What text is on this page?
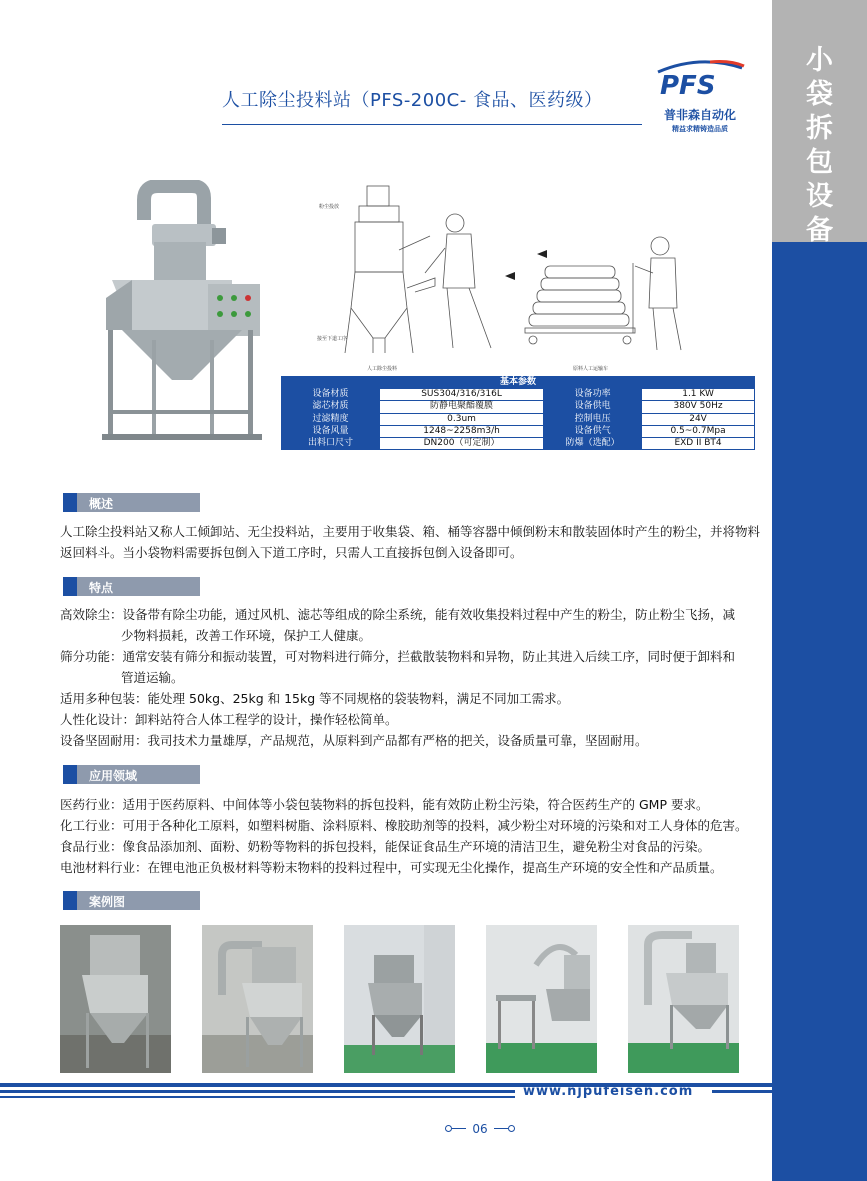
小
袋
拆
包
设
备
人工除尘投料站（PFS-200C- 食品、医药级） PFS
普非森自动化
精益求精铸造品质
粉尘投放
接至下道工序
人工除尘投料	原料人工运输车
基本参数			
设备材质	SUS304/316/316L	设备功率	1.1 KW
滤芯材质	防静电聚酯覆膜	设备供电	380V 50Hz
过滤精度	0.3um	控制电压	24V
设备风量	1248~2258m3/h	设备供气	0.5~0.7Mpa
出料口尺寸	DN200（可定制）	防爆（选配）	EXD II BT4
概述
人工除尘投料站又称人工倾卸站、无尘投料站，主要用于收集袋、箱、桶等容器中倾倒粉末和散装固体时产生的粉尘，并将物料返回料斗。当小袋物料需要拆包倒入下道工序时，只需人工直接拆包倒入设备即可。
特点
高效除尘：设备带有除尘功能，通过风机、滤芯等组成的除尘系统，能有效收集投料过程中产生的粉尘，防止粉尘飞扬，减
少物料损耗，改善工作环境，保护工人健康。
筛分功能：通常安装有筛分和振动装置，可对物料进行筛分，拦截散装物料和异物，防止其进入后续工序，同时便于卸料和
管道运输。
适用多种包装：能处理 50kg、25kg 和 15kg 等不同规格的袋装物料，满足不同加工需求。
人性化设计：卸料站符合人体工程学的设计，操作轻松简单。
设备坚固耐用：我司技术力量雄厚，产品规范，从原料到产品都有严格的把关，设备质量可靠，坚固耐用。
应用领域
医药行业：适用于医药原料、中间体等小袋包装物料的拆包投料，能有效防止粉尘污染，符合医药生产的 GMP 要求。
化工行业：可用于各种化工原料，如塑料树脂、涂料原料、橡胶助剂等的投料，减少粉尘对环境的污染和对工人身体的危害。
食品行业：像食品添加剂、面粉、奶粉等物料的拆包投料，能保证食品生产环境的清洁卫生，避免粉尘对食品的污染。
电池材料行业：在锂电池正负极材料等粉末物料的投料过程中，可实现无尘化操作，提高生产环境的安全性和产品质量。
案例图
www.njpufeisen.com
06
